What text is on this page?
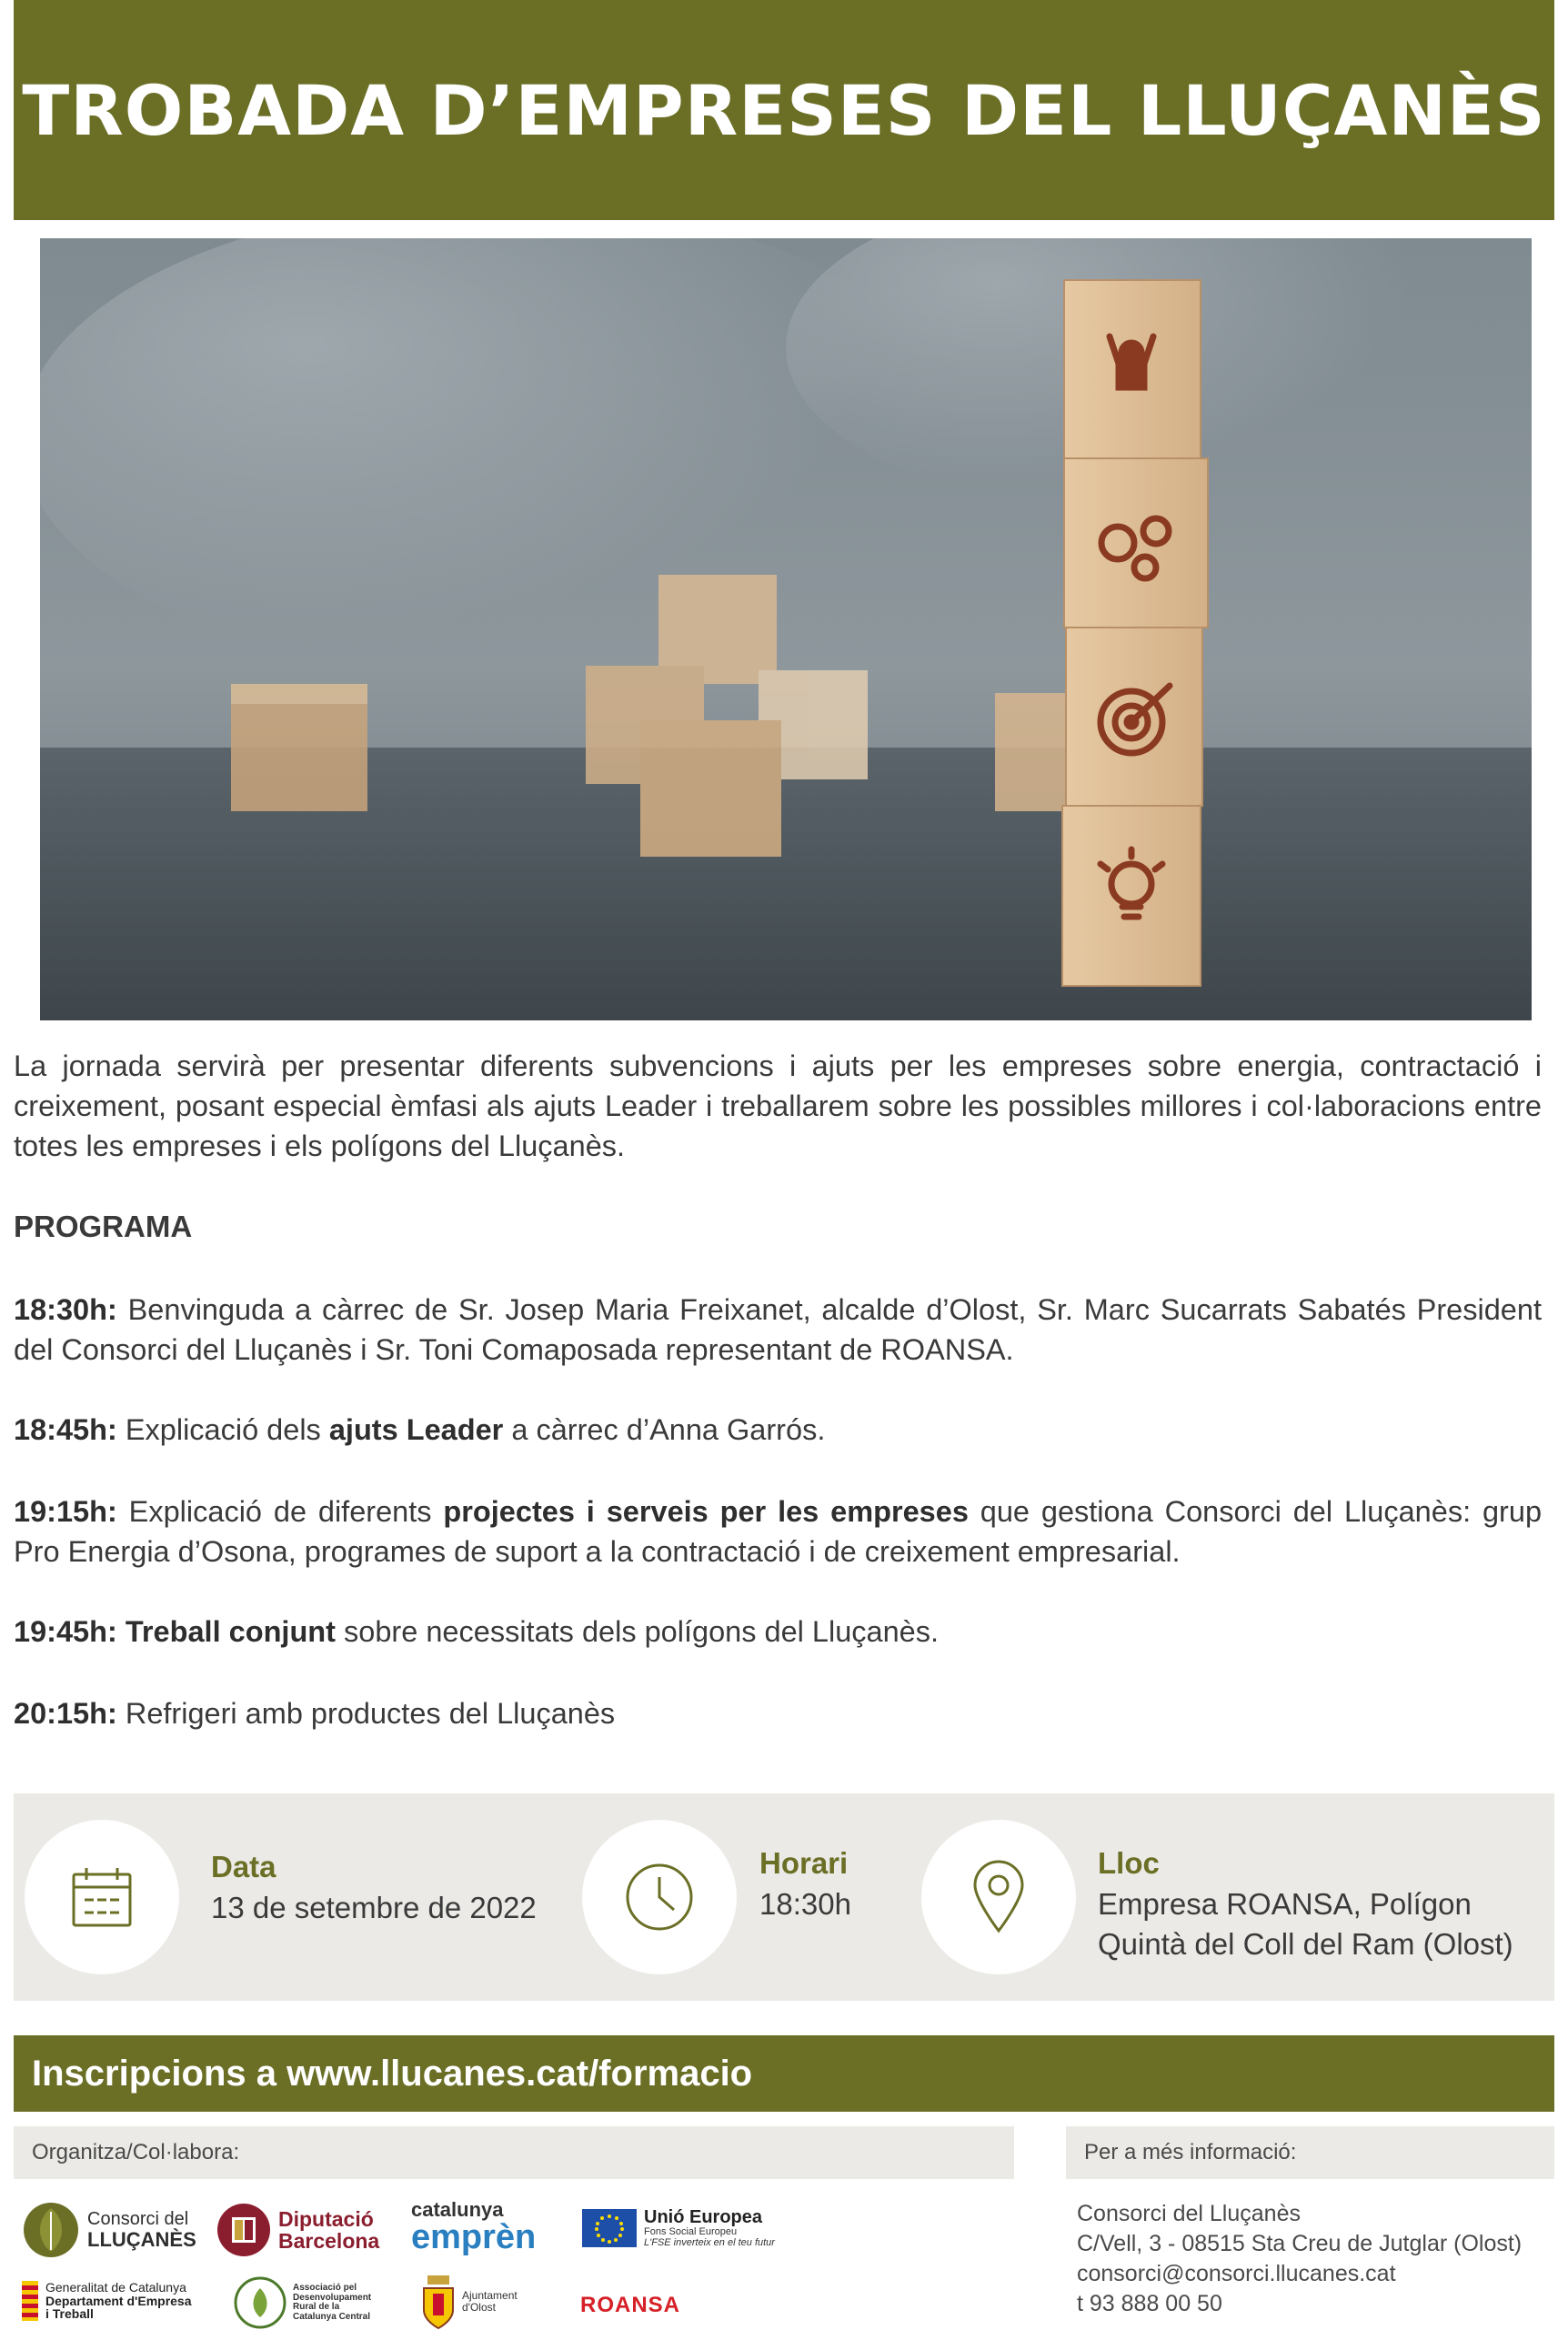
TROBADA D’EMPRESES DEL LLUÇANÈS

La jornada servirà per presentar diferents subvencions i ajuts per les empreses sobre energia, contractació i creixement, posant especial èmfasi als ajuts Leader i treballarem sobre les possibles millores i col·laboracions entre totes les empreses i els polígons del Lluçanès.

PROGRAMA

18:30h: Benvinguda a càrrec de Sr. Josep Maria Freixanet, alcalde d’Olost, Sr. Marc Sucarrats Sabatés President del Consorci del Lluçanès i Sr. Toni Comaposada representant de ROANSA.

18:45h: Explicació dels ajuts Leader a càrrec d’Anna Garrós.

19:15h: Explicació de diferents projectes i serveis per les empreses que gestiona Consorci del Lluçanès: grup Pro Energia d’Osona, programes de suport a la contractació i de creixement empresarial.

19:45h: Treball conjunt sobre necessitats dels polígons del Lluçanès.

20:15h: Refrigeri amb productes del Lluçanès

Data
13 de setembre de 2022
Horari
18:30h
Lloc
Empresa ROANSA, Polígon
Quintà del Coll del Ram (Olost)
Inscripcions a www.llucanes.cat/formacio
Organitza/Col·labora:	Per a més informació:
Consorci del Lluçanès
C/Vell, 3 - 08515 Sta Creu de Jutglar (Olost)
consorci@consorci.llucanes.cat
t 93 888 00 50
Consorci del
LLUÇANÈS
Diputació
Barcelona
catalunya
emprèn
Unió Europea
Fons Social Europeu
L'FSE inverteix en el teu futur
Generalitat de Catalunya
Departament d'Empresa
i Treball
Associació pel
Desenvolupament
Rural de la
Catalunya Central
Ajuntament
d'Olost	ROANSA
